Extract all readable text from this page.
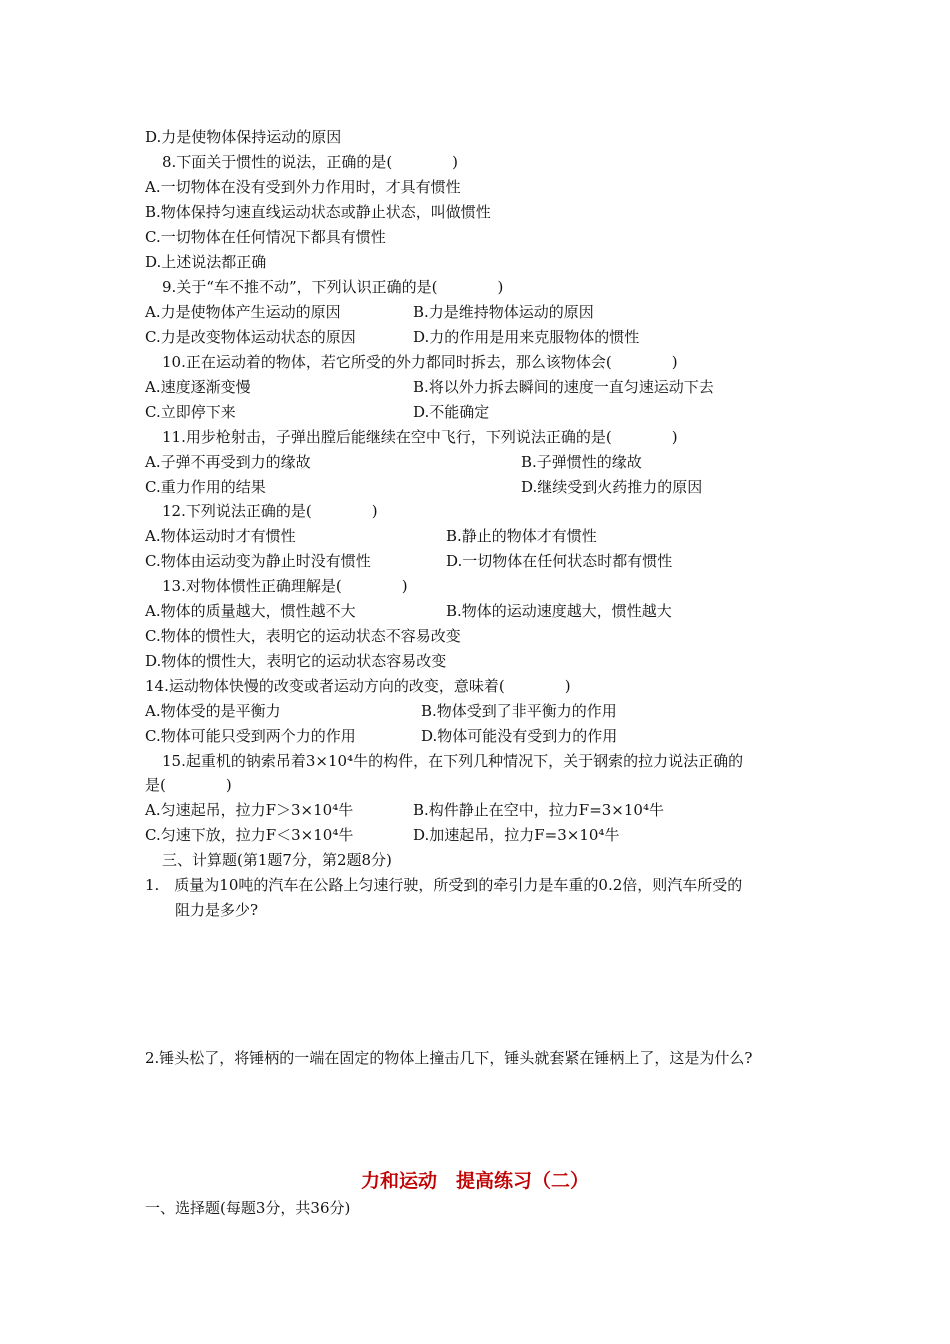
D.力是使物体保持运动的原因
8.下面关于惯性的说法，正确的是(　　　　)
A.一切物体在没有受到外力作用时，才具有惯性
B.物体保持匀速直线运动状态或静止状态，叫做惯性
C.一切物体在任何情况下都具有惯性
D.上述说法都正确
9.关于“车不推不动”，下列认识正确的是(　　　　)
A.力是使物体产生运动的原因	B.力是维持物体运动的原因
C.力是改变物体运动状态的原因	D.力的作用是用来克服物体的惯性
10.正在运动着的物体，若它所受的外力都同时拆去，那么该物体会(　　　　)
A.速度逐渐变慢	B.将以外力拆去瞬间的速度一直匀速运动下去
C.立即停下来	D.不能确定
11.用步枪射击，子弹出膛后能继续在空中飞行，下列说法正确的是(　　　　)
A.子弹不再受到力的缘故	B.子弹惯性的缘故
C.重力作用的结果	D.继续受到火药推力的原因
12.下列说法正确的是(　　　　)
A.物体运动时才有惯性	B.静止的物体才有惯性
C.物体由运动变为静止时没有惯性	D.一切物体在任何状态时都有惯性
13.对物体惯性正确理解是(　　　　)
A.物体的质量越大，惯性越不大	B.物体的运动速度越大，惯性越大
C.物体的惯性大，表明它的运动状态不容易改变
D.物体的惯性大，表明它的运动状态容易改变
14.运动物体快慢的改变或者运动方向的改变，意味着(　　　　)
A.物体受的是平衡力	B.物体受到了非平衡力的作用
C.物体可能只受到两个力的作用	D.物体可能没有受到力的作用
15.起重机的钠索吊着3×10⁴牛的构件，在下列几种情况下，关于钢索的拉力说法正确的
是(　　　　)
A.匀速起吊，拉力F＞3×10⁴牛	B.构件静止在空中，拉力F=3×10⁴牛
C.匀速下放，拉力F＜3×10⁴牛	D.加速起吊，拉力F=3×10⁴牛
三、计算题(第1题7分，第2题8分)
1.　质量为10吨的汽车在公路上匀速行驶，所受到的牵引力是车重的0.2倍，则汽车所受的
阻力是多少?
2.锤头松了，将锤柄的一端在固定的物体上撞击几下，锤头就套紧在锤柄上了，这是为什么?
力和运动　提高练习（二）
一、选择题(每题3分，共36分)
